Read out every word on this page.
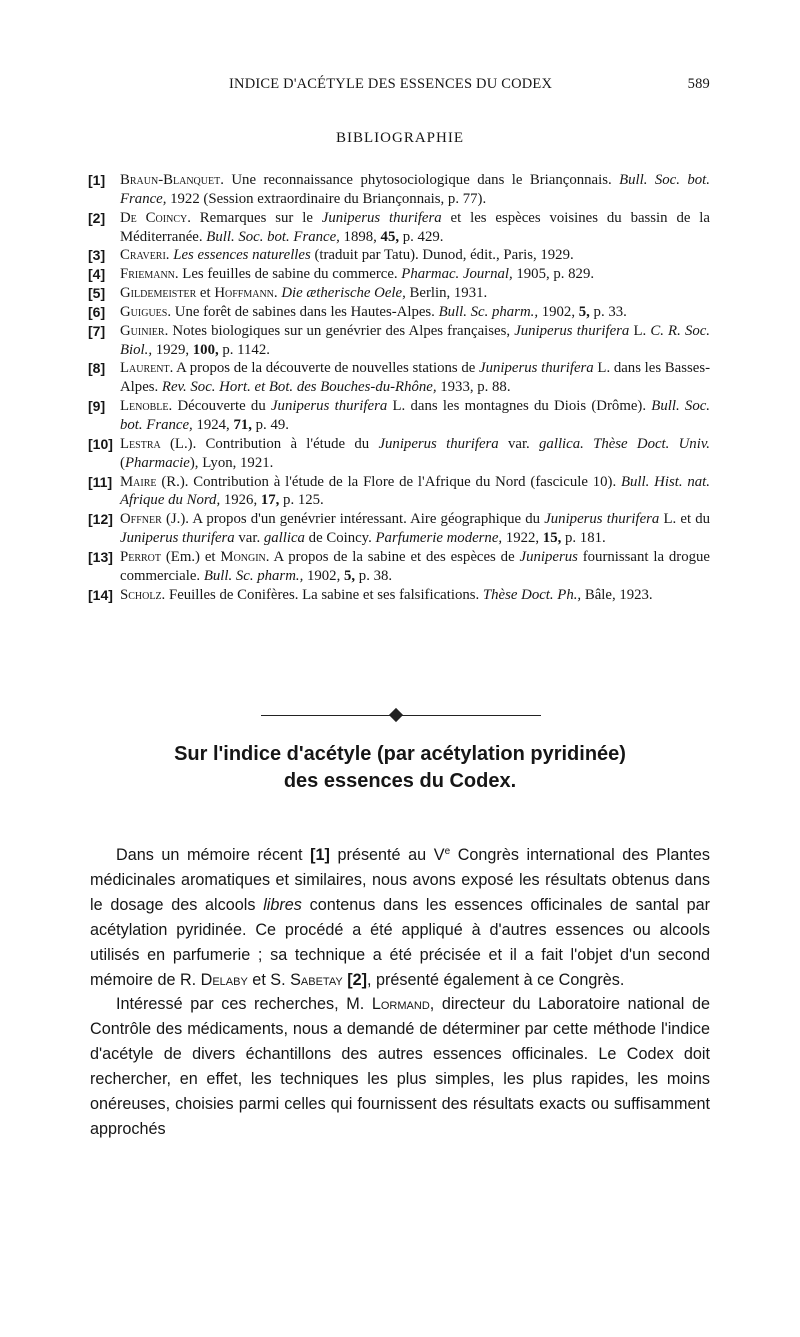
INDICE D'ACÉTYLE DES ESSENCES DU CODEX	589
BIBLIOGRAPHIE
[1] Braun-Blanquet. Une reconnaissance phytosociologique dans le Briançonnais. Bull. Soc. bot. France, 1922 (Session extraordinaire du Briançonnais, p. 77).
[2] De Coincy. Remarques sur le Juniperus thurifera et les espèces voisines du bassin de la Méditerranée. Bull. Soc. bot. France, 1898, 45, p. 429.
[3] Craveri. Les essences naturelles (traduit par Tatu). Dunod, édit., Paris, 1929.
[4] Friemann. Les feuilles de sabine du commerce. Pharmac. Journal, 1905, p. 829.
[5] Gildemeister et Hoffmann. Die ætherische Oele, Berlin, 1931.
[6] Guigues. Une forêt de sabines dans les Hautes-Alpes. Bull. Sc. pharm., 1902, 5, p. 33.
[7] Guinier. Notes biologiques sur un genévrier des Alpes françaises, Juniperus thurifera L. C. R. Soc. Biol., 1929, 100, p. 1142.
[8] Laurent. A propos de la découverte de nouvelles stations de Juniperus thurifera L. dans les Basses-Alpes. Rev. Soc. Hort. et Bot. des Bouches-du-Rhône, 1933, p. 88.
[9] Lenoble. Découverte du Juniperus thurifera L. dans les montagnes du Diois (Drôme). Bull. Soc. bot. France, 1924, 71, p. 49.
[10] Lestra (L.). Contribution à l'étude du Juniperus thurifera var. gallica. Thèse Doct. Univ. (Pharmacie), Lyon, 1921.
[11] Maire (R.). Contribution à l'étude de la Flore de l'Afrique du Nord (fascicule 10). Bull. Hist. nat. Afrique du Nord, 1926, 17, p. 125.
[12] Offner (J.). A propos d'un genévrier intéressant. Aire géographique du Juniperus thurifera L. et du Juniperus thurifera var. gallica de Coincy. Parfumerie moderne, 1922, 15, p. 181.
[13] Perrot (Em.) et Mongin. A propos de la sabine et des espèces de Juniperus fournissant la drogue commerciale. Bull. Sc. pharm., 1902, 5, p. 38.
[14] Scholz. Feuilles de Conifères. La sabine et ses falsifications. Thèse Doct. Ph., Bâle, 1923.
Sur l'indice d'acétyle (par acétylation pyridinée)
des essences du Codex.

Dans un mémoire récent [1] présenté au Ve Congrès international des Plantes médicinales aromatiques et similaires, nous avons exposé les résultats obtenus dans le dosage des alcools libres contenus dans les essences officinales de santal par acétylation pyridinée. Ce procédé a été appliqué à d'autres essences ou alcools utilisés en parfumerie ; sa technique a été précisée et il a fait l'objet d'un second mémoire de R. Delaby et S. Sabetay [2], présenté également à ce Congrès.

Intéressé par ces recherches, M. Lormand, directeur du Laboratoire national de Contrôle des médicaments, nous a demandé de déterminer par cette méthode l'indice d'acétyle de divers échantillons des autres essences officinales. Le Codex doit rechercher, en effet, les techniques les plus simples, les plus rapides, les moins onéreuses, choisies parmi celles qui fournissent des résultats exacts ou suffisamment approchés
